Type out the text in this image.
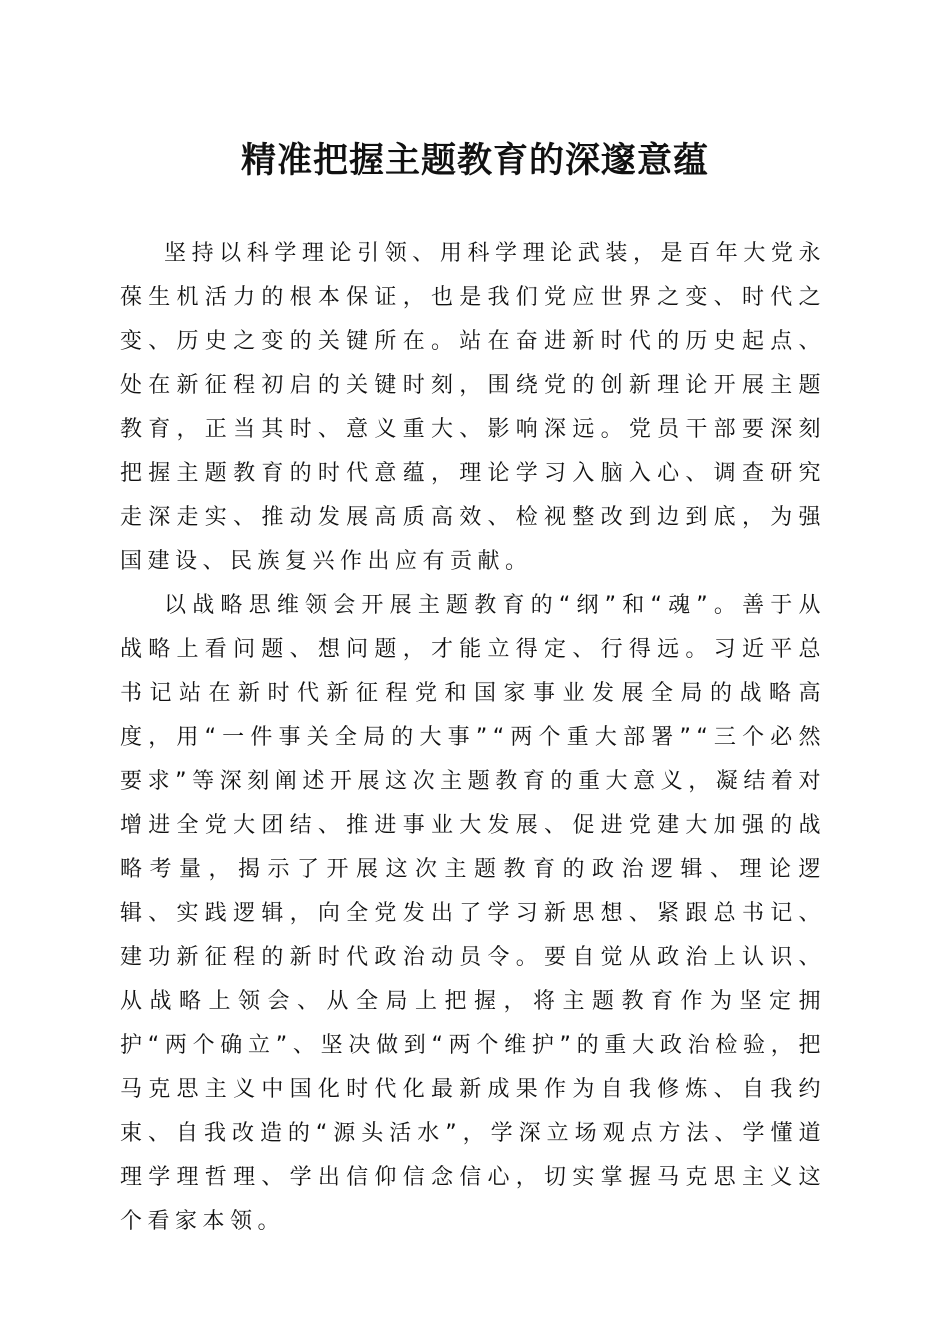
精准把握主题教育的深邃意蕴

坚持以科学理论引领、用科学理论武装，是百年大党永葆生机活力的根本保证，也是我们党应世界之变、时代之变、历史之变的关键所在。站在奋进新时代的历史起点、处在新征程初启的关键时刻，围绕党的创新理论开展主题教育，正当其时、意义重大、影响深远。党员干部要深刻把握主题教育的时代意蕴，理论学习入脑入心、调查研究走深走实、推动发展高质高效、检视整改到边到底，为强国建设、民族复兴作出应有贡献。

以战略思维领会开展主题教育的“纲”和“魂”。善于从战略上看问题、想问题，才能立得定、行得远。习近平总书记站在新时代新征程党和国家事业发展全局的战略高度，用“一件事关全局的大事”“两个重大部署”“三个必然要求”等深刻阐述开展这次主题教育的重大意义，凝结着对增进全党大团结、推进事业大发展、促进党建大加强的战略考量，揭示了开展这次主题教育的政治逻辑、理论逻辑、实践逻辑，向全党发出了学习新思想、紧跟总书记、建功新征程的新时代政治动员令。要自觉从政治上认识、从战略上领会、从全局上把握，将主题教育作为坚定拥护“两个确立”、坚决做到“两个维护”的重大政治检验，把马克思主义中国化时代化最新成果作为自我修炼、自我约束、自我改造的“源头活水”，学深立场观点方法、学懂道理学理哲理、学出信仰信念信心，切实掌握马克思主义这个看家本领。
